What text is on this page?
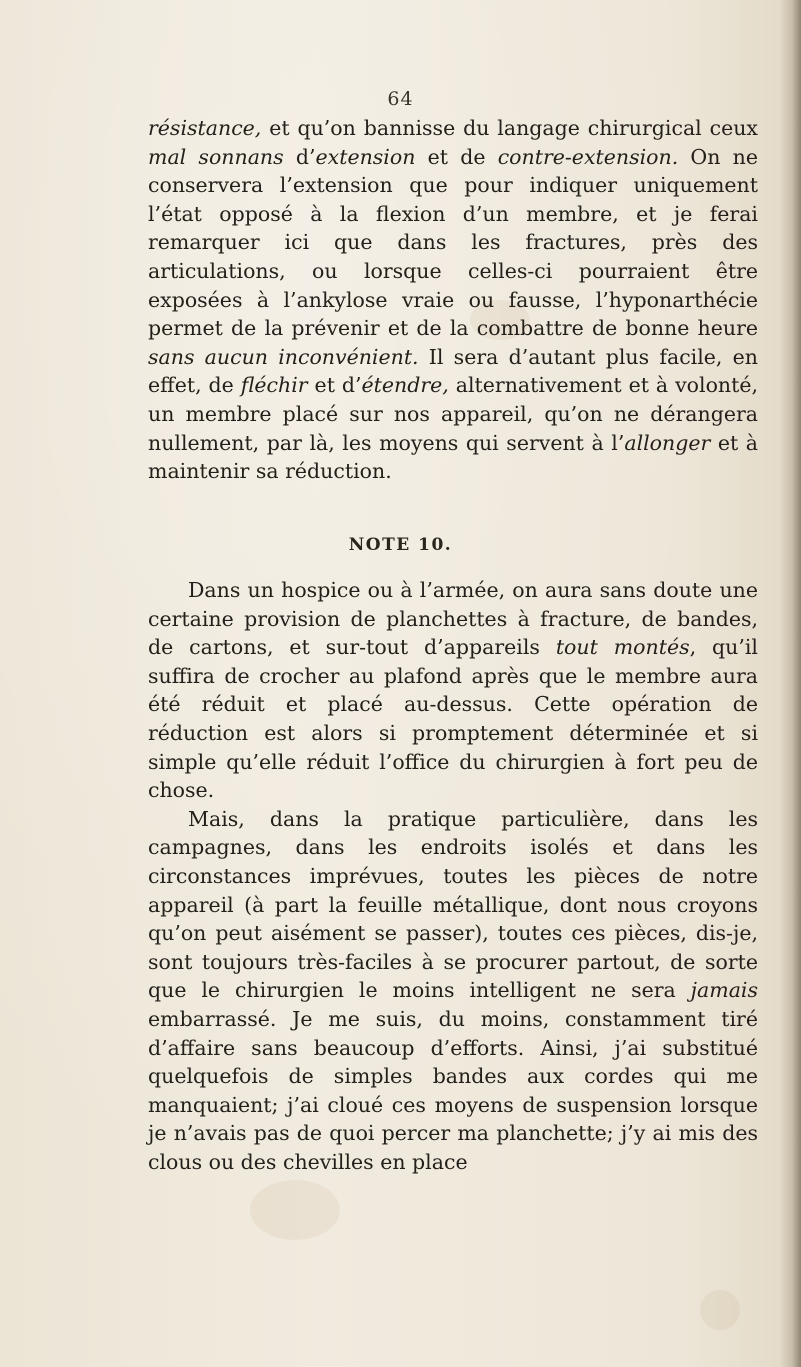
64

résistance, et qu’on bannisse du langage chirurgical ceux mal sonnans d’extension et de contre-extension. On ne conservera l’extension que pour indiquer uniquement l’état opposé à la flexion d’un membre, et je ferai remarquer ici que dans les fractures, près des articulations, ou lorsque celles-ci pourraient être exposées à l’ankylose vraie ou fausse, l’hyponarthécie permet de la prévenir et de la combattre de bonne heure sans aucun inconvénient. Il sera d’autant plus facile, en effet, de fléchir et d’étendre, alternativement et à volonté, un membre placé sur nos appareil, qu’on ne dérangera nullement, par là, les moyens qui servent à l’allonger et à maintenir sa réduction.

NOTE 10.

Dans un hospice ou à l’armée, on aura sans doute une certaine provision de planchettes à fracture, de bandes, de cartons, et sur-tout d’appareils tout montés, qu’il suffira de crocher au plafond après que le membre aura été réduit et placé au-dessus. Cette opération de réduction est alors si promptement déterminée et si simple qu’elle réduit l’office du chirurgien à fort peu de chose.

Mais, dans la pratique particulière, dans les campagnes, dans les endroits isolés et dans les circonstances imprévues, toutes les pièces de notre appareil (à part la feuille métallique, dont nous croyons qu’on peut aisément se passer), toutes ces pièces, dis-je, sont toujours très-faciles à se procurer partout, de sorte que le chirurgien le moins intelligent ne sera jamais embarrassé. Je me suis, du moins, constamment tiré d’affaire sans beaucoup d’efforts. Ainsi, j’ai substitué quelquefois de simples bandes aux cordes qui me manquaient; j’ai cloué ces moyens de suspension lorsque je n’avais pas de quoi percer ma planchette; j’y ai mis des clous ou des chevilles en place
